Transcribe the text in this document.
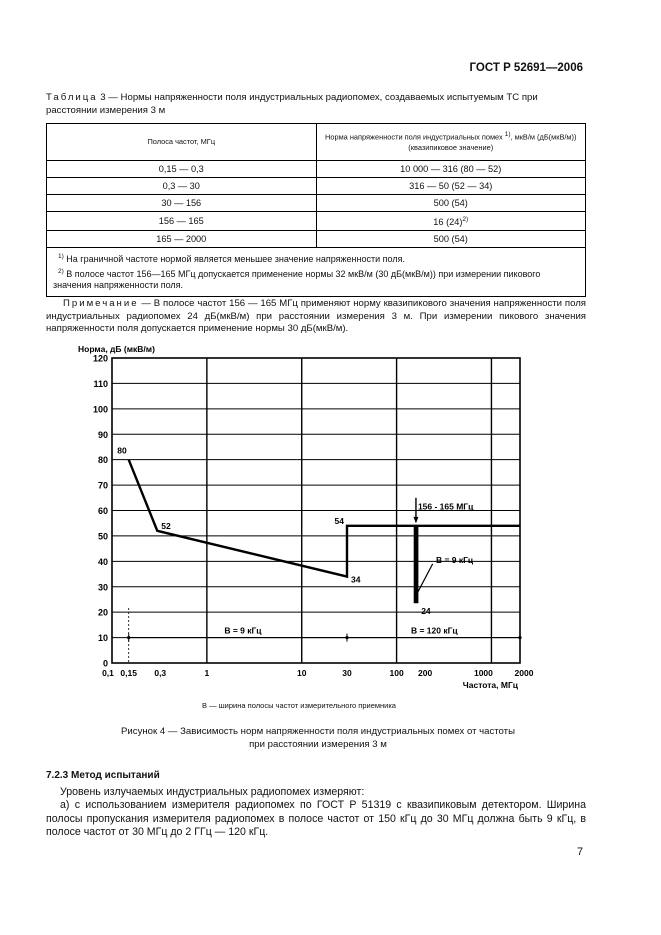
ГОСТ Р 52691—2006
Таблица 3 — Нормы напряженности поля индустриальных радиопомех, создаваемых испытуемым ТС при расстоянии измерения 3 м
Полоса частот, МГц	Норма напряженности поля индустриальных помех $^{1)}$, мкВ/м (дБ(мкВ/м)) (квазипиковое значение)
0,15 — 0,3	10 000 — 316 (80 — 52)
0,3 — 30	316 — 50 (52 — 34)
30 — 156	500 (54)
156 — 165	16 $(24)^{2)}$
165 — 2000	500 (54)

$^{1)}$ На граничной частоте нормой является меньшее значение напряженности поля.
$^{2)}$ В полосе частот 156—165 МГц допускается применение нормы 32 мкВ/м (30 дБ(мкВ/м)) при измерении пикового значения напряженности поля.	
Примечание — В полосе частот 156 — 165 МГц применяют норму квазипикового значения напряженности поля индустриальных радиопомех 24 дБ(мкВ/м) при расстоянии измерения 3 м. При измерении пикового значения напряженности поля допускается применение нормы 30 дБ(мкВ/м).
0
10
20
30
40
50
60
70
80
90
100
110
120
0,1 0,15 0,3	1	10	30	100 200	1000	2000
Норма, дБ (мкВ/м)
Частота, МГц
80
52
34
54
24
156 - 165 МГц
В = 9 кГц
В = 9 кГц	В = 120 кГц
В — ширина полосы частот измерительного приемника
Рисунок 4 — Зависимость норм напряженности поля индустриальных помех от частоты
при расстоянии измерения 3 м
7.2.3 Метод испытаний

Уровень излучаемых индустриальных радиопомех измеряют:

а) с использованием измерителя радиопомех по ГОСТ Р 51319 с квазипиковым детектором. Ширина полосы пропускания измерителя радиопомех в полосе частот от 150 кГц до 30 МГц должна быть 9 кГц, в полосе частот от 30 МГц до 2 ГГц — 120 кГц.

7
